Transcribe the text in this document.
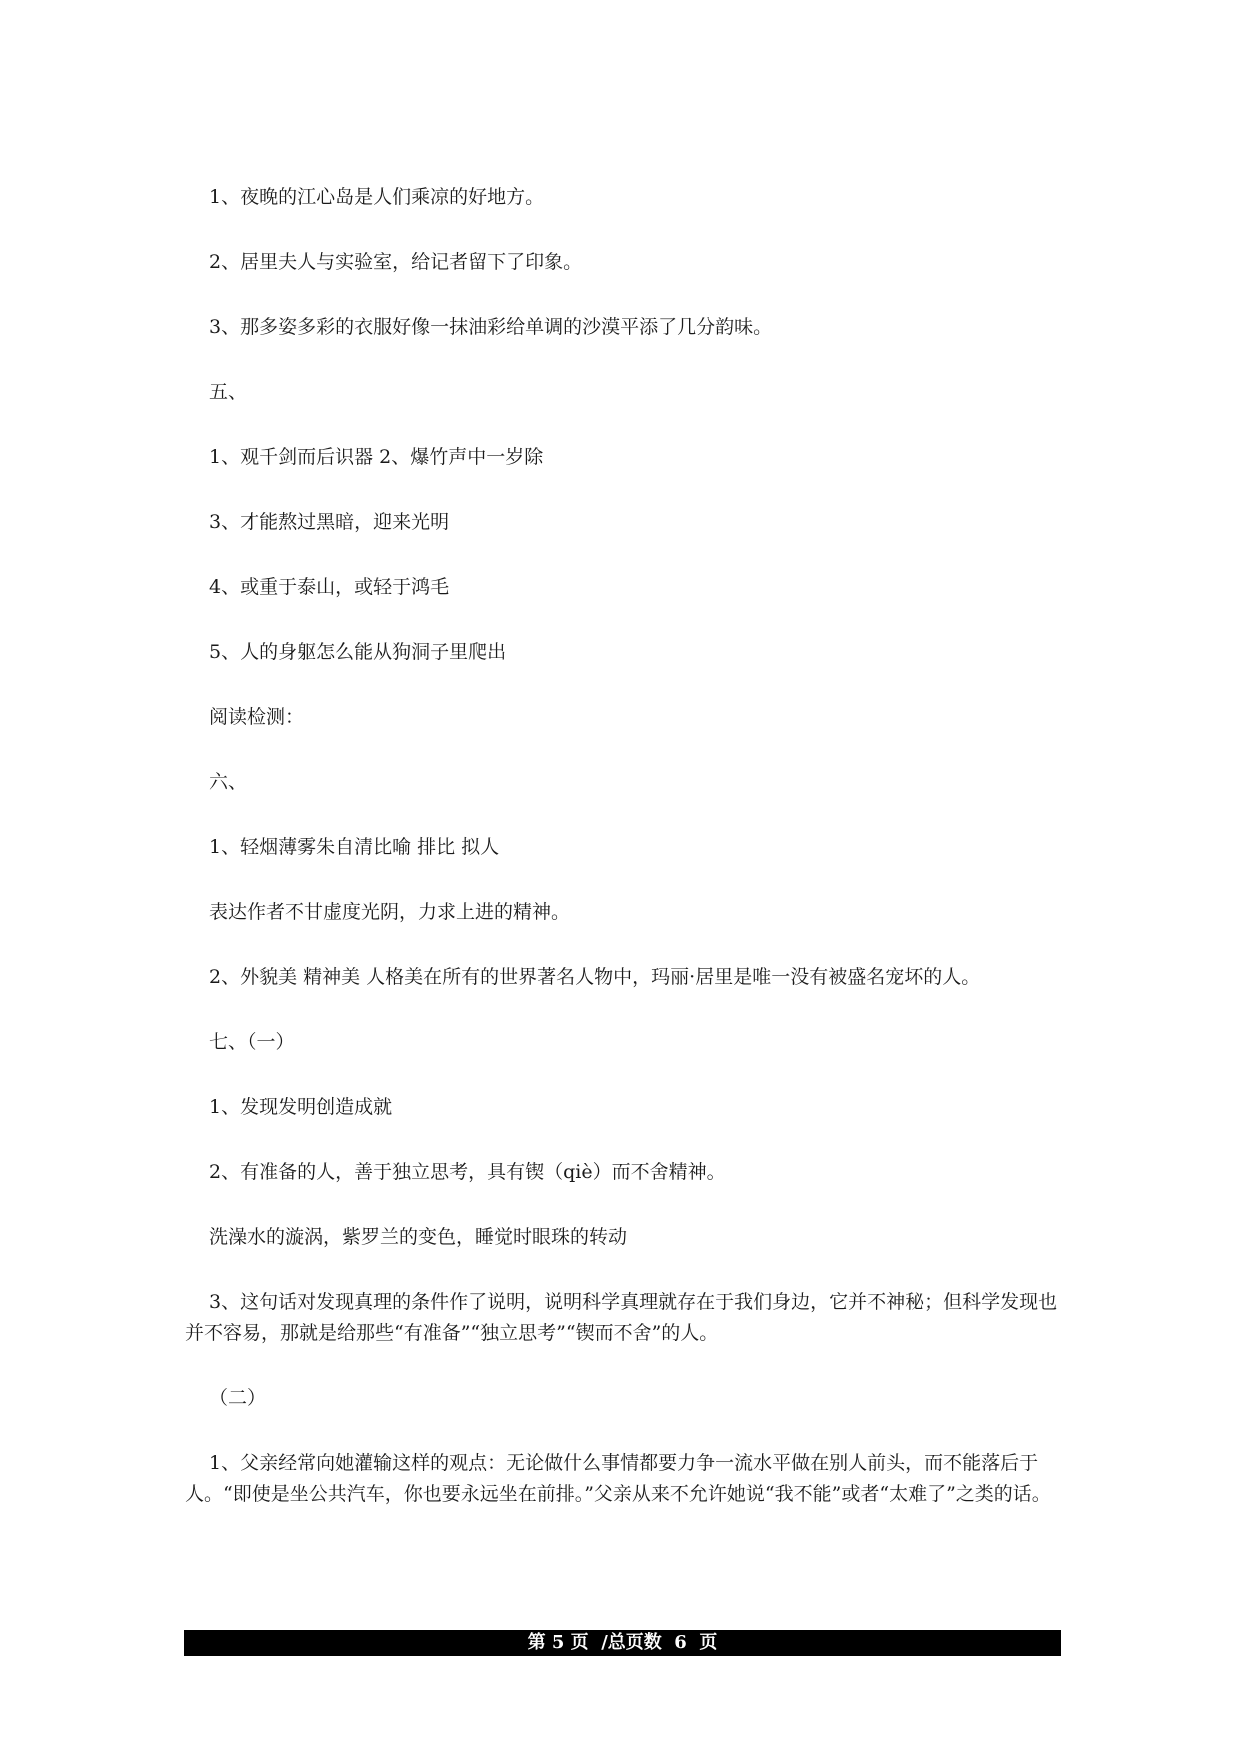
1、夜晚的江心岛是人们乘凉的好地方。

2、居里夫人与实验室，给记者留下了印象。

3、那多姿多彩的衣服好像一抹油彩给单调的沙漠平添了几分韵味。

五、

1、观千剑而后识器 2、爆竹声中一岁除

3、才能熬过黑暗，迎来光明

4、或重于泰山，或轻于鸿毛

5、人的身躯怎么能从狗洞子里爬出

阅读检测：

六、

1、轻烟薄雾朱自清比喻 排比 拟人

表达作者不甘虚度光阴，力求上进的精神。

2、外貌美 精神美 人格美在所有的世界著名人物中，玛丽·居里是唯一没有被盛名宠坏的人。

七、（一）

1、发现发明创造成就

2、有准备的人，善于独立思考，具有锲（qiè）而不舍精神。

洗澡水的漩涡，紫罗兰的变色，睡觉时眼珠的转动

3、这句话对发现真理的条件作了说明，说明科学真理就存在于我们身边，它并不神秘；但科学发现也并不容易，那就是给那些“有准备”“独立思考”“锲而不舍”的人。

（二）

1、父亲经常向她灌输这样的观点：无论做什么事情都要力争一流水平做在别人前头，而不能落后于人。“即使是坐公共汽车，你也要永远坐在前排。”父亲从来不允许她说“我不能”或者“太难了”之类的话。

第 5 页  /总页数  6  页
